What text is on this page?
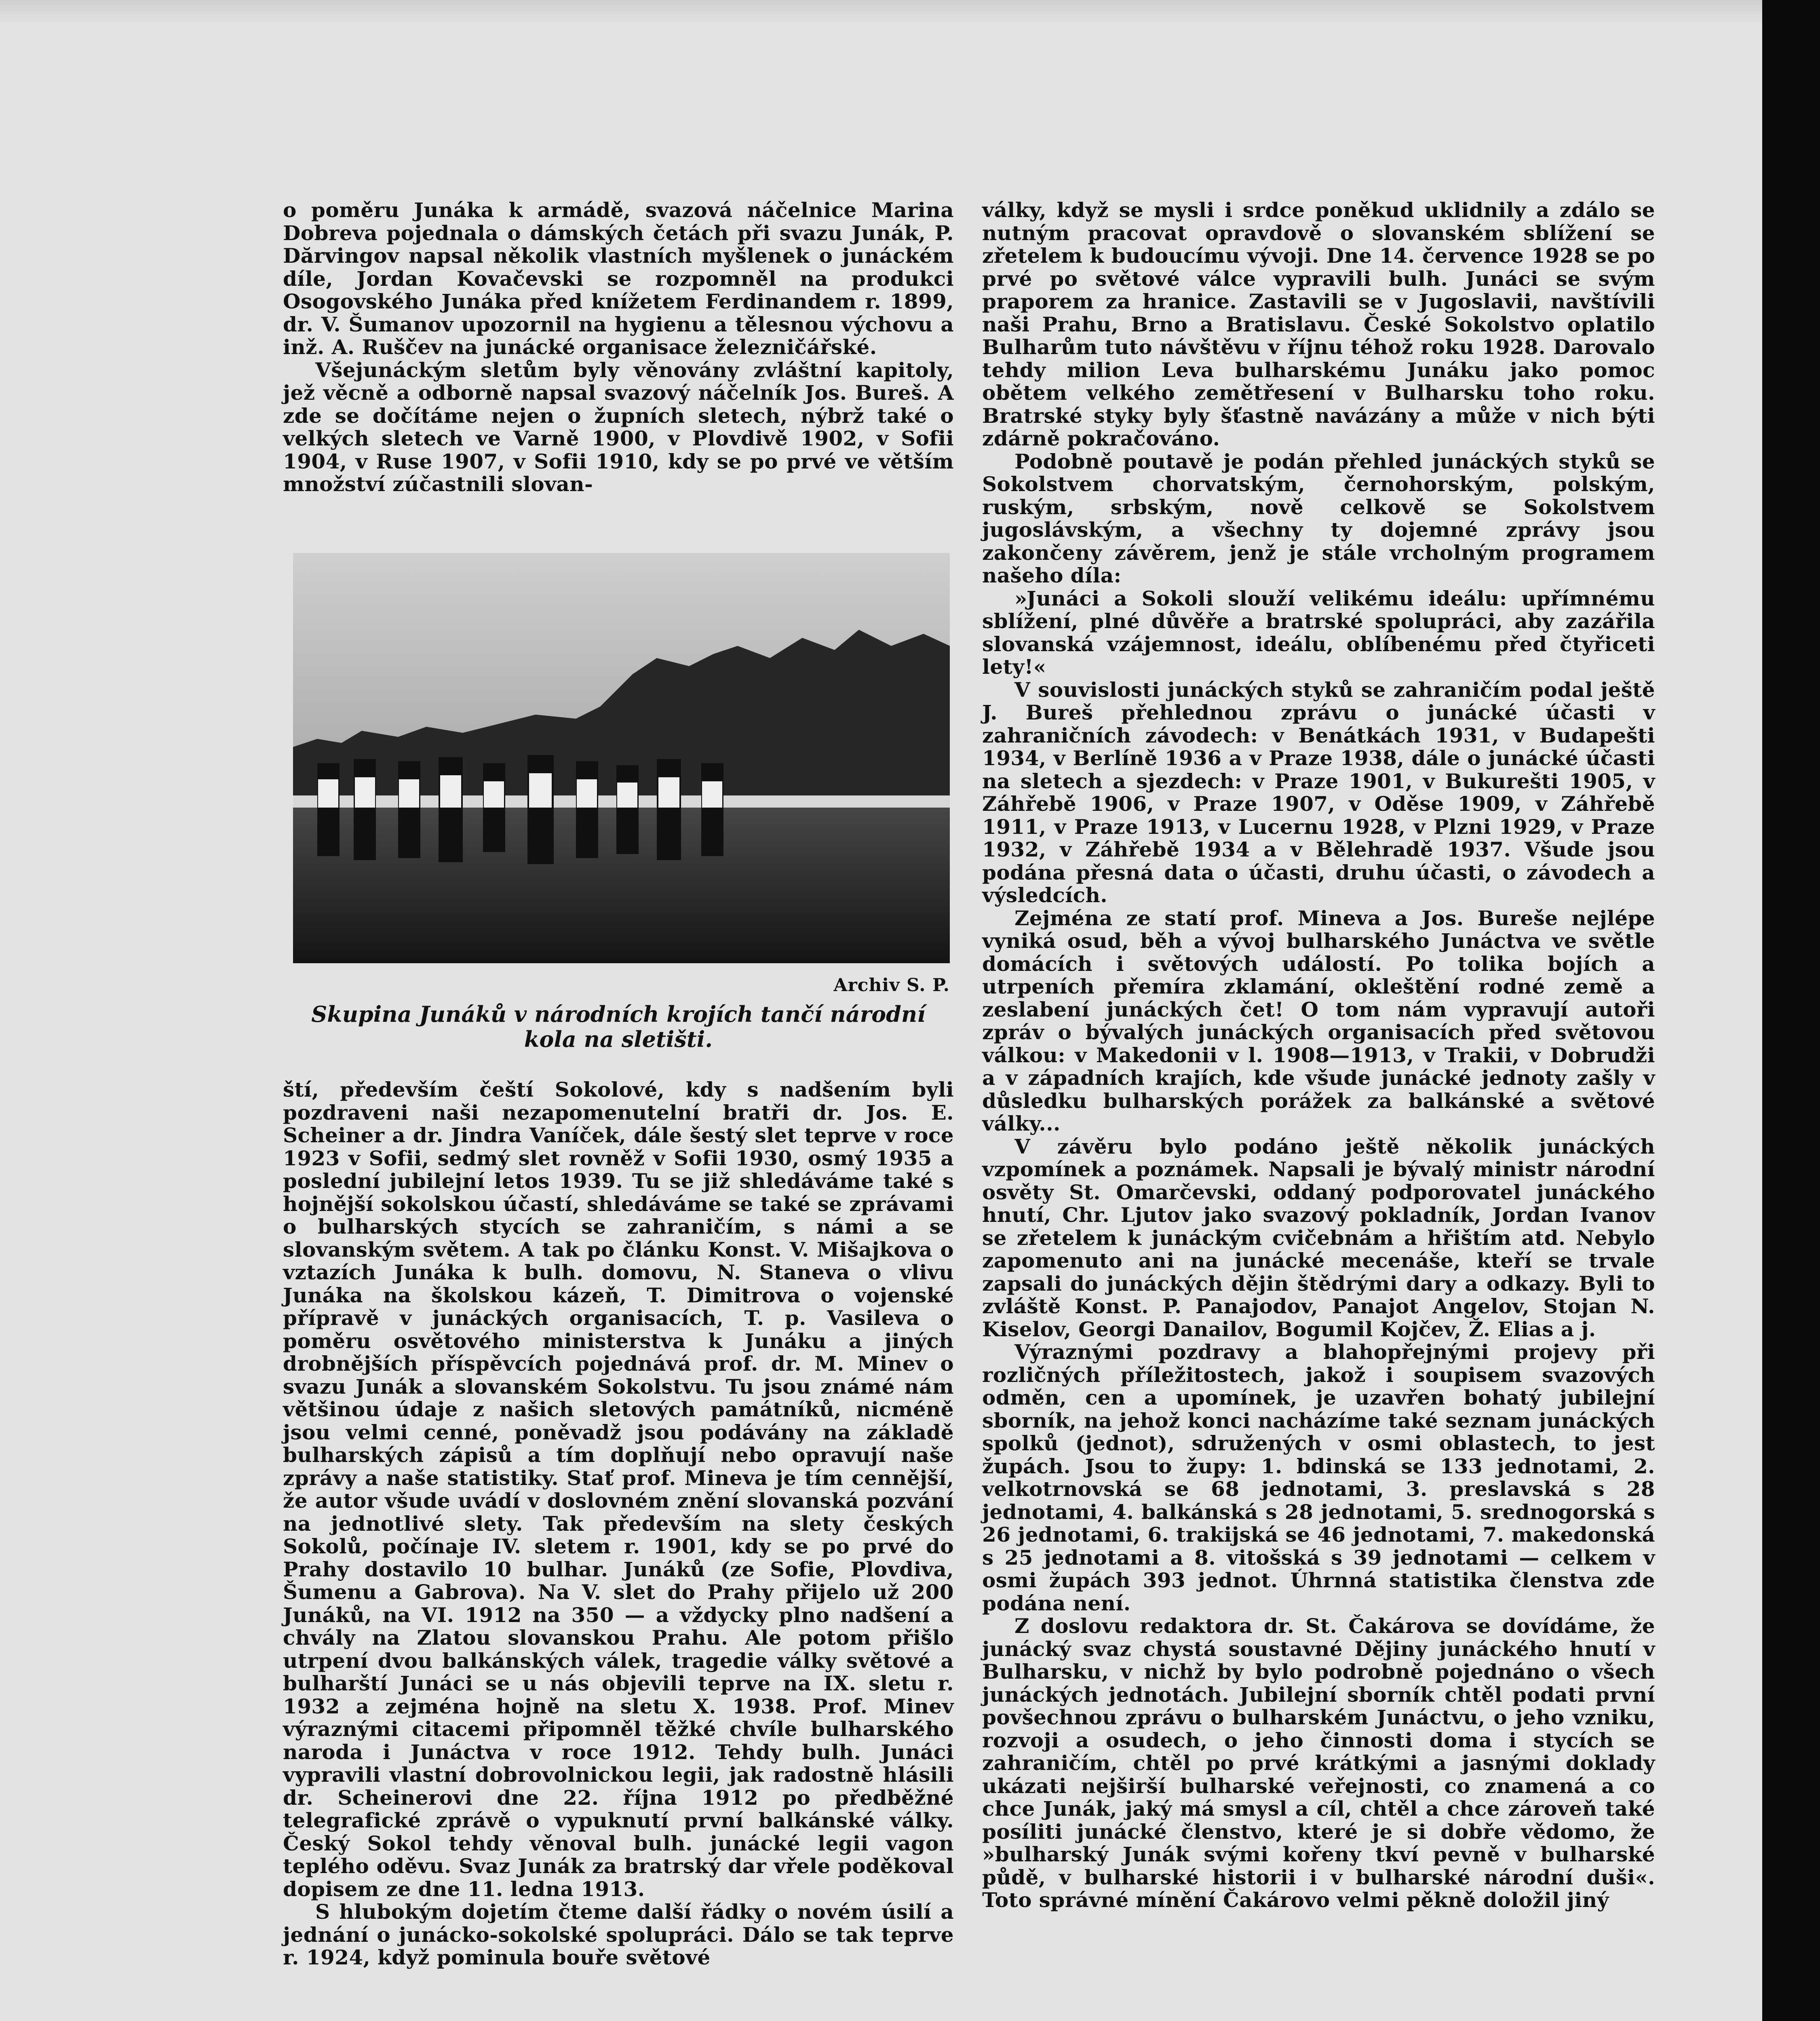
o poměru Junáka k armádě, svazová náčelnice Marina Dobreva pojednala o dámských četách při svazu Junák, P. Dărvingov napsal několik vlastních myšlenek o junáckém díle, Jordan Kovačevski se rozpomněl na produkci Osogovského Junáka před knížetem Ferdinandem r. 1899, dr. V. Šumanov upozornil na hygienu a tělesnou výchovu a inž. A. Ruščev na junácké organisace železničářské.

Všejunáckým sletům byly věnovány zvláštní kapitoly, jež věcně a odborně napsal svazový náčelník Jos. Bureš. A zde se dočítáme nejen o župních sletech, nýbrž také o velkých sletech ve Varně 1900, v Plovdivě 1902, v Sofii 1904, v Ruse 1907, v Sofii 1910, kdy se po prvé ve větším množství zúčastnili slovan-

Archiv S. P.
Skupina Junáků v národních krojích tančí národní kola na sletišti.

ští, především čeští Sokolové, kdy s nadšením byli pozdraveni naši nezapomenutelní bratři dr. Jos. E. Scheiner a dr. Jindra Vaníček, dále šestý slet teprve v roce 1923 v Sofii, sedmý slet rovněž v Sofii 1930, osmý 1935 a poslední jubilejní letos 1939. Tu se již shledáváme také s hojnější sokolskou účastí, shledáváme se také se zprávami o bulharských stycích se zahraničím, s námi a se slovanským světem. A tak po článku Konst. V. Mišajkova o vztazích Junáka k bulh. domovu, N. Staneva o vlivu Junáka na školskou kázeň, T. Dimitrova o vojenské přípravě v junáckých organisacích, T. p. Vasileva o poměru osvětového ministerstva k Junáku a jiných drobnějších příspěvcích pojednává prof. dr. M. Minev o svazu Junák a slovanském Sokolstvu. Tu jsou známé nám většinou údaje z našich sletových památníků, nicméně jsou velmi cenné, poněvadž jsou podávány na základě bulharských zápisů a tím doplňují nebo opravují naše zprávy a naše statistiky. Stať prof. Mineva je tím cennější, že autor všude uvádí v doslovném znění slovanská pozvání na jednotlivé slety. Tak především na slety českých Sokolů, počínaje IV. sletem r. 1901, kdy se po prvé do Prahy dostavilo 10 bulhar. Junáků (ze Sofie, Plovdiva, Šumenu a Gabrova). Na V. slet do Prahy přijelo už 200 Junáků, na VI. 1912 na 350 — a vždycky plno nadšení a chvály na Zlatou slovanskou Prahu. Ale potom přišlo utrpení dvou balkánských válek, tragedie války světové a bulharští Junáci se u nás objevili teprve na IX. sletu r. 1932 a zejména hojně na sletu X. 1938. Prof. Minev výraznými citacemi připomněl těžké chvíle bulharského naroda i Junáctva v roce 1912. Tehdy bulh. Junáci vypravili vlastní dobrovolnickou legii, jak radostně hlásili dr. Scheinerovi dne 22. října 1912 po předběžné telegrafické zprávě o vypuknutí první balkánské války. Český Sokol tehdy věnoval bulh. junácké legii vagon teplého oděvu. Svaz Junák za bratrský dar vřele poděkoval dopisem ze dne 11. ledna 1913.

S hlubokým dojetím čteme další řádky o novém úsilí a jednání o junácko-sokolské spolupráci. Dálo se tak teprve r. 1924, když pominula bouře světové

války, když se mysli i srdce poněkud uklidnily a zdálo se nutným pracovat opravdově o slovanském sblížení se zřetelem k budoucímu vývoji. Dne 14. července 1928 se po prvé po světové válce vypravili bulh. Junáci se svým praporem za hranice. Zastavili se v Jugoslavii, navštívili naši Prahu, Brno a Bratislavu. České Sokolstvo oplatilo Bulharům tuto návštěvu v říjnu téhož roku 1928. Darovalo tehdy milion Leva bulharskému Junáku jako pomoc obětem velkého zemětřesení v Bulharsku toho roku. Bratrské styky byly šťastně navázány a může v nich býti zdárně pokračováno.

Podobně poutavě je podán přehled junáckých styků se Sokolstvem chorvatským, černohorským, polským, ruským, srbským, nově celkově se Sokolstvem jugoslávským, a všechny ty dojemné zprávy jsou zakončeny závěrem, jenž je stále vrcholným programem našeho díla:

»Junáci a Sokoli slouží velikému ideálu: upřímnému sblížení, plné důvěře a bratrské spolupráci, aby zazářila slovanská vzájemnost, ideálu, oblíbenému před čtyřiceti lety!«

V souvislosti junáckých styků se zahraničím podal ještě J. Bureš přehlednou zprávu o junácké účasti v zahraničních závodech: v Benátkách 1931, v Budapešti 1934, v Berlíně 1936 a v Praze 1938, dále o junácké účasti na sletech a sjezdech: v Praze 1901, v Bukurešti 1905, v Záhřebě 1906, v Praze 1907, v Oděse 1909, v Záhřebě 1911, v Praze 1913, v Lucernu 1928, v Plzni 1929, v Praze 1932, v Záhřebě 1934 a v Bělehradě 1937. Všude jsou podána přesná data o účasti, druhu účasti, o závodech a výsledcích.

Zejména ze statí prof. Mineva a Jos. Bureše nejlépe vyniká osud, běh a vývoj bulharského Junáctva ve světle domácích i světových událostí. Po tolika bojích a utrpeních přemíra zklamání, okleštění rodné země a zeslabení junáckých čet! O tom nám vypravují autoři zpráv o bývalých junáckých organisacích před světovou válkou: v Makedonii v l. 1908—1913, v Trakii, v Dobrudži a v západních krajích, kde všude junácké jednoty zašly v důsledku bulharských porážek za balkánské a světové války...

V závěru bylo podáno ještě několik junáckých vzpomínek a poznámek. Napsali je bývalý ministr národní osvěty St. Omarčevski, oddaný podporovatel junáckého hnutí, Chr. Ljutov jako svazový pokladník, Jordan Ivanov se zřetelem k junáckým cvičebnám a hřištím atd. Nebylo zapomenuto ani na junácké mecenáše, kteří se trvale zapsali do junáckých dějin štědrými dary a odkazy. Byli to zvláště Konst. P. Panajodov, Panajot Angelov, Stojan N. Kiselov, Georgi Danailov, Bogumil Kojčev, Ž. Elias a j.

Výraznými pozdravy a blahopřejnými projevy při rozličných příležitostech, jakož i soupisem svazových odměn, cen a upomínek, je uzavřen bohatý jubilejní sborník, na jehož konci nacházíme také seznam junáckých spolků (jednot), sdružených v osmi oblastech, to jest župách. Jsou to župy: 1. bdinská se 133 jednotami, 2. velkotrnovská se 68 jednotami, 3. preslavská s 28 jednotami, 4. balkánská s 28 jednotami, 5. srednogorská s 26 jednotami, 6. trakijská se 46 jednotami, 7. makedonská s 25 jednotami a 8. vitošská s 39 jednotami — celkem v osmi župách 393 jednot. Úhrnná statistika členstva zde podána není.

Z doslovu redaktora dr. St. Čakárova se dovídáme, že junácký svaz chystá soustavné Dějiny junáckého hnutí v Bulharsku, v nichž by bylo podrobně pojednáno o všech junáckých jednotách. Jubilejní sborník chtěl podati první povšechnou zprávu o bulharském Junáctvu, o jeho vzniku, rozvoji a osudech, o jeho činnosti doma i stycích se zahraničím, chtěl po prvé krátkými a jasnými doklady ukázati nejširší bulharské veřejnosti, co znamená a co chce Junák, jaký má smysl a cíl, chtěl a chce zároveň také posíliti junácké členstvo, které je si dobře vědomo, že »bulharský Junák svými kořeny tkví pevně v bulharské půdě, v bulharské historii i v bulharské národní duši«. Toto správné mínění Čakárovo velmi pěkně doložil jiný
